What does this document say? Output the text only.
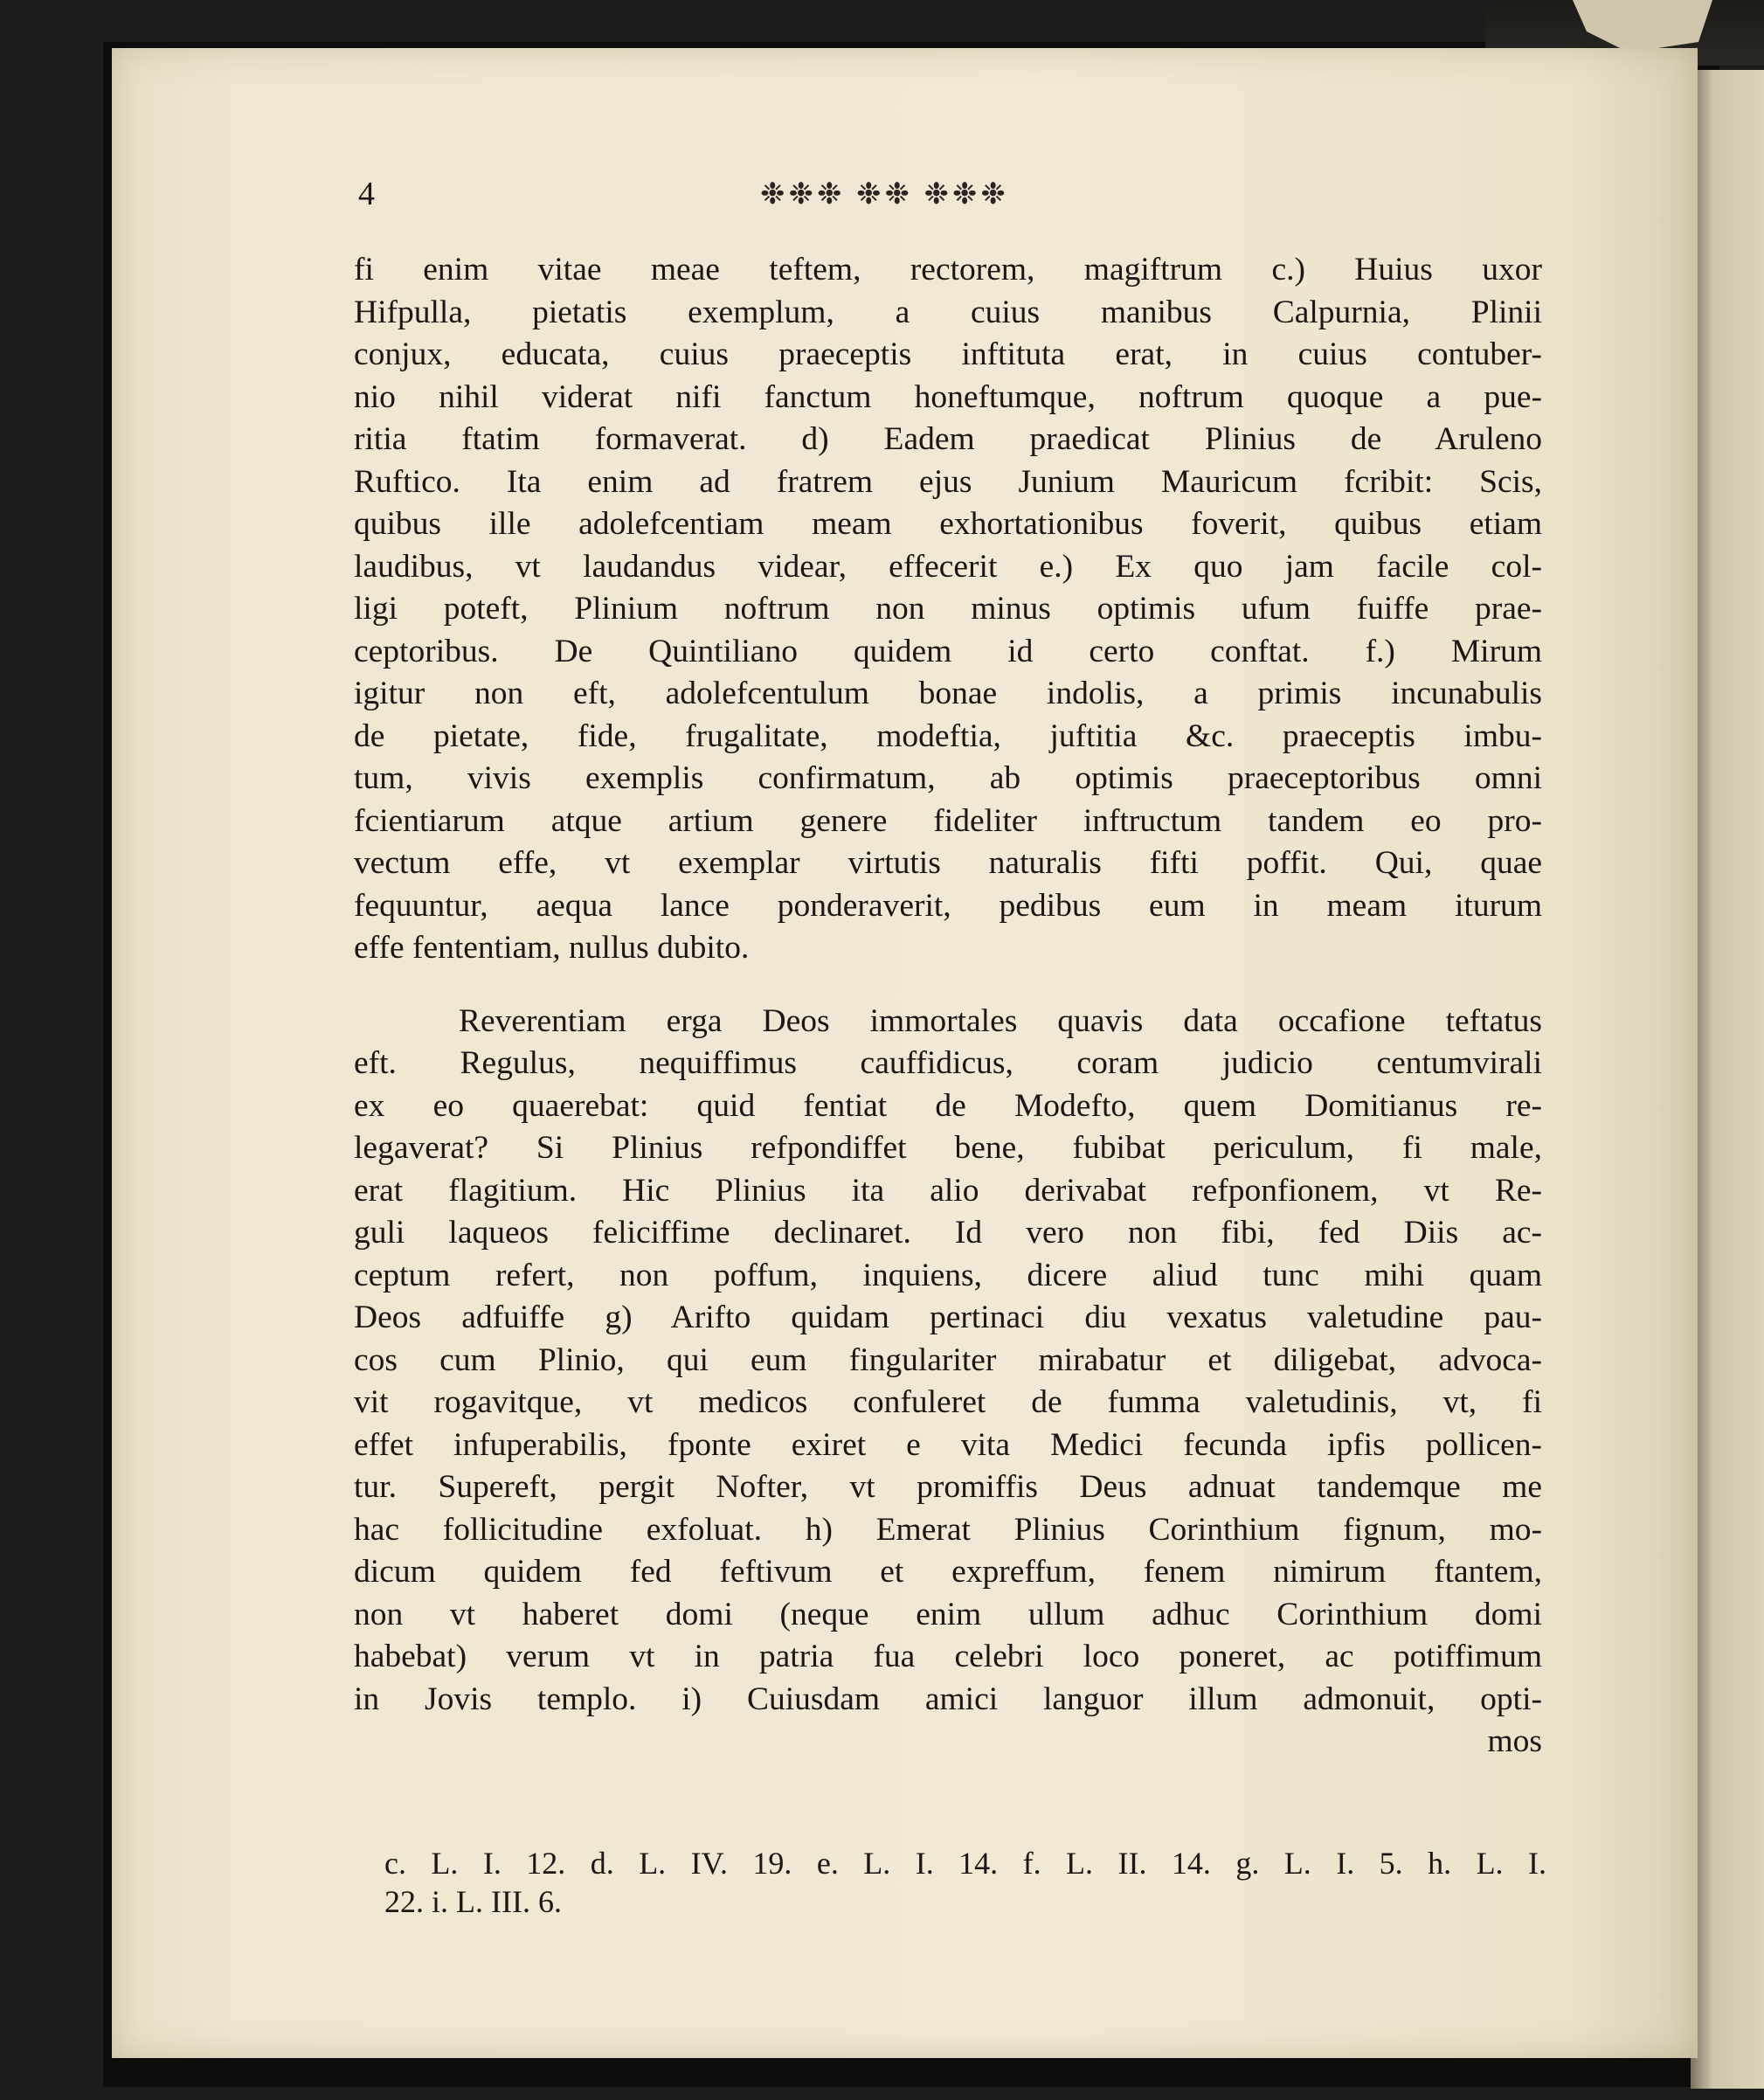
4	❉❉❉ ❉❉ ❉❉❉
fi enim vitae meae teftem, rectorem, magiftrum c.) Huius uxor
Hifpulla, pietatis exemplum, a cuius manibus Calpurnia, Plinii
conjux, educata, cuius praeceptis inftituta erat, in cuius contuber-
nio nihil viderat nifi fanctum honeftumque, noftrum quoque a pue-
ritia ftatim formaverat. d) Eadem praedicat Plinius de Aruleno
Ruftico. Ita enim ad fratrem ejus Junium Mauricum fcribit: Scis,
quibus ille adolefcentiam meam exhortationibus foverit, quibus etiam
laudibus, vt laudandus videar, effecerit e.) Ex quo jam facile col-
ligi poteft, Plinium noftrum non minus optimis ufum fuiffe prae-
ceptoribus. De Quintiliano quidem id certo conftat. f.) Mirum
igitur non eft, adolefcentulum bonae indolis, a primis incunabulis
de pietate, fide, frugalitate, modeftia, juftitia &c. praeceptis imbu-
tum, vivis exemplis confirmatum, ab optimis praeceptoribus omni
fcientiarum atque artium genere fideliter inftructum tandem eo pro-
vectum effe, vt exemplar virtutis naturalis fifti poffit. Qui, quae
fequuntur, aequa lance ponderaverit, pedibus eum in meam iturum
effe fententiam, nullus dubito.
Reverentiam erga Deos immortales quavis data occafione teftatus
eft. Regulus, nequiffimus cauffidicus, coram judicio centumvirali
ex eo quaerebat: quid fentiat de Modefto, quem Domitianus re-
legaverat? Si Plinius refpondiffet bene, fubibat periculum, fi male,
erat flagitium. Hic Plinius ita alio derivabat refponfionem, vt Re-
guli laqueos feliciffime declinaret. Id vero non fibi, fed Diis ac-
ceptum refert, non poffum, inquiens, dicere aliud tunc mihi quam
Deos adfuiffe g) Arifto quidam pertinaci diu vexatus valetudine pau-
cos cum Plinio, qui eum fingulariter mirabatur et diligebat, advoca-
vit rogavitque, vt medicos confuleret de fumma valetudinis, vt, fi
effet infuperabilis, fponte exiret e vita Medici fecunda ipfis pollicen-
tur. Supereft, pergit Nofter, vt promiffis Deus adnuat tandemque me
hac follicitudine exfoluat. h) Emerat Plinius Corinthium fignum, mo-
dicum quidem fed feftivum et expreffum, fenem nimirum ftantem,
non vt haberet domi (neque enim ullum adhuc Corinthium domi
habebat) verum vt in patria fua celebri loco poneret, ac potiffimum
in Jovis templo. i) Cuiusdam amici languor illum admonuit, opti-
mos
c. L. I. 12. d. L. IV. 19. e. L. I. 14. f. L. II. 14. g. L. I. 5. h. L. I.
22. i. L. III. 6.
